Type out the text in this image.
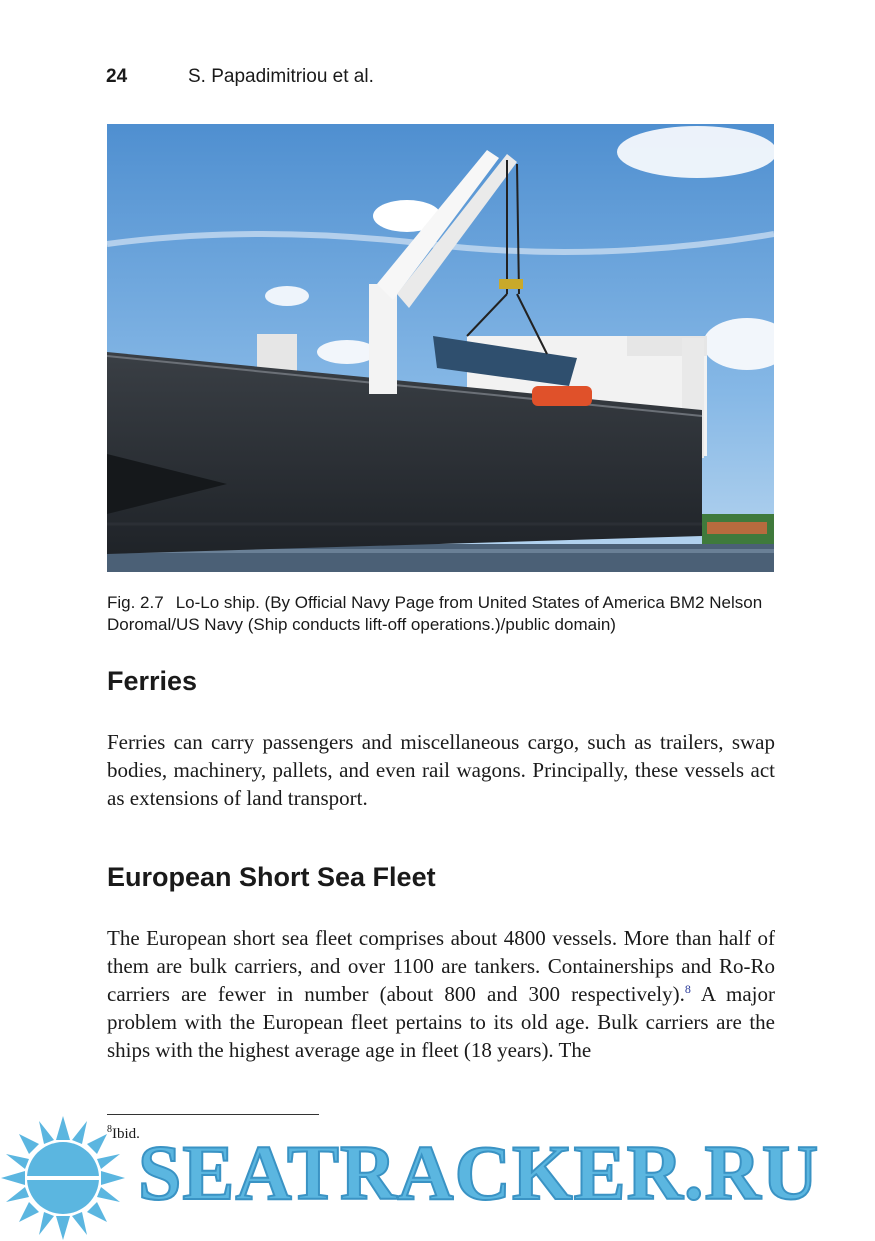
24	S. Papadimitriou et al.
Fig. 2.7 Lo-Lo ship. (By Official Navy Page from United States of America BM2 Nelson Doromal/US Navy (Ship conducts lift-off operations.)/public domain)
Ferries

Ferries can carry passengers and miscellaneous cargo, such as trailers, swap bodies, machinery, pallets, and even rail wagons. Principally, these vessels act as extensions of land transport.

European Short Sea Fleet

The European short sea fleet comprises about 4800 vessels. More than half of them are bulk carriers, and over 1100 are tankers. Containerships and Ro-Ro carriers are fewer in number (about 800 and 300 respectively).$^8$ A major problem with the European fleet pertains to its old age. Bulk carriers are the ships with the highest average age in fleet (18 years). The

$^8$Ibid.
SEATRACKER.RU
